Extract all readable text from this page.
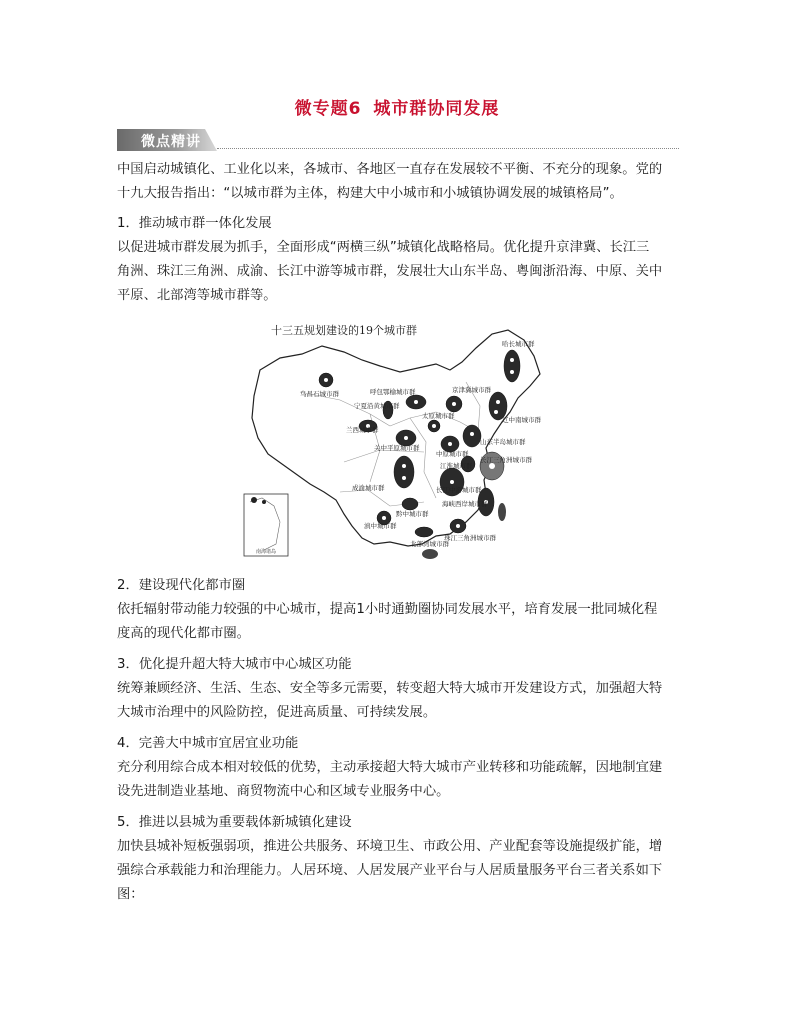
微专题6 城市群协同发展
微点精讲
中国启动城镇化、工业化以来，各城市、各地区一直存在发展较不平衡、不充分的现象。党的
十九大报告指出：“以城市群为主体，构建大中小城市和小城镇协调发展的城镇格局”。
1．推动城市群一体化发展
以促进城市群发展为抓手，全面形成“两横三纵”城镇化战略格局。优化提升京津冀、长江三
角洲、珠江三角洲、成渝、长江中游等城市群，发展壮大山东半岛、粤闽浙沿海、中原、关中
平原、北部湾等城市群等。
十三五规划建设的19个城市群
南海诸岛
哈长城市群
乌昌石城市群	呼包鄂榆城市群
宁夏沿黄城市群
京津冀城市群
辽中南城市群
太原城市群
兰西城市群
中原城市群
山东半岛城市群
关中平原城市群
长江三角洲城市群
江淮城市群
成渝城市群	长江中游城市群
黔中城市群
海峡西岸城市群
滇中城市群
北部湾城市群
珠江三角洲城市群
2．建设现代化都市圈
依托辐射带动能力较强的中心城市，提高1小时通勤圈协同发展水平，培育发展一批同城化程
度高的现代化都市圈。
3．优化提升超大特大城市中心城区功能
统筹兼顾经济、生活、生态、安全等多元需要，转变超大特大城市开发建设方式，加强超大特
大城市治理中的风险防控，促进高质量、可持续发展。
4．完善大中城市宜居宜业功能
充分利用综合成本相对较低的优势，主动承接超大特大城市产业转移和功能疏解，因地制宜建
设先进制造业基地、商贸物流中心和区域专业服务中心。
5．推进以县城为重要载体新城镇化建设
加快县城补短板强弱项，推进公共服务、环境卫生、市政公用、产业配套等设施提级扩能，增
强综合承载能力和治理能力。人居环境、人居发展产业平台与人居质量服务平台三者关系如下
图：
